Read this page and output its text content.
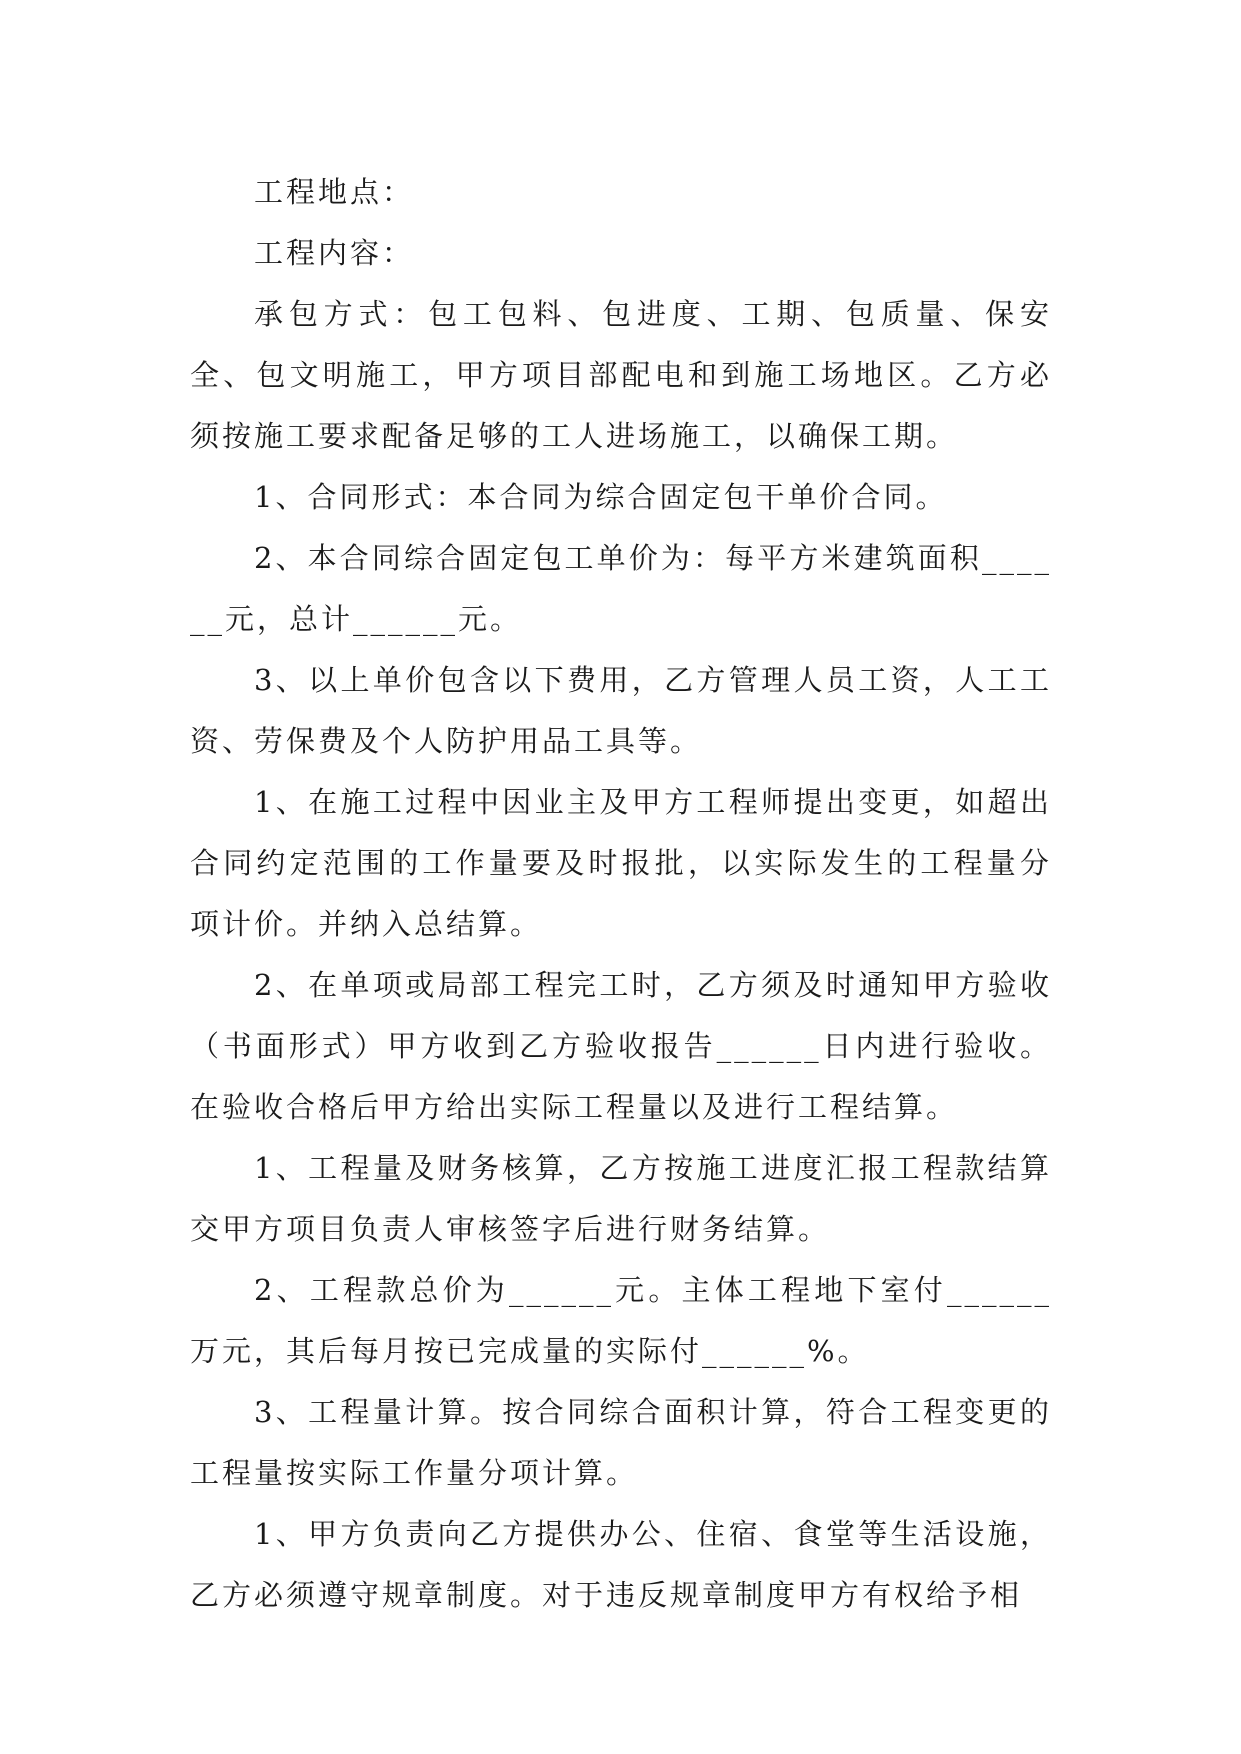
工程地点：

工程内容：

承包方式：包工包料、包进度、工期、包质量、保安全、包文明施工，甲方项目部配电和到施工场地区。乙方必须按施工要求配备足够的工人进场施工，以确保工期。

1、合同形式：本合同为综合固定包干单价合同。

2、本合同综合固定包工单价为：每平方米建筑面积______元，总计______元。

3、以上单价包含以下费用，乙方管理人员工资，人工工资、劳保费及个人防护用品工具等。

1、在施工过程中因业主及甲方工程师提出变更，如超出合同约定范围的工作量要及时报批，以实际发生的工程量分项计价。并纳入总结算。

2、在单项或局部工程完工时，乙方须及时通知甲方验收（书面形式）甲方收到乙方验收报告______日内进行验收。在验收合格后甲方给出实际工程量以及进行工程结算。

1、工程量及财务核算，乙方按施工进度汇报工程款结算交甲方项目负责人审核签字后进行财务结算。

2、工程款总价为______元。主体工程地下室付______万元，其后每月按已完成量的实际付______%。

3、工程量计算。按合同综合面积计算，符合工程变更的工程量按实际工作量分项计算。

1、甲方负责向乙方提供办公、住宿、食堂等生活设施，乙方必须遵守规章制度。对于违反规章制度甲方有权给予相
